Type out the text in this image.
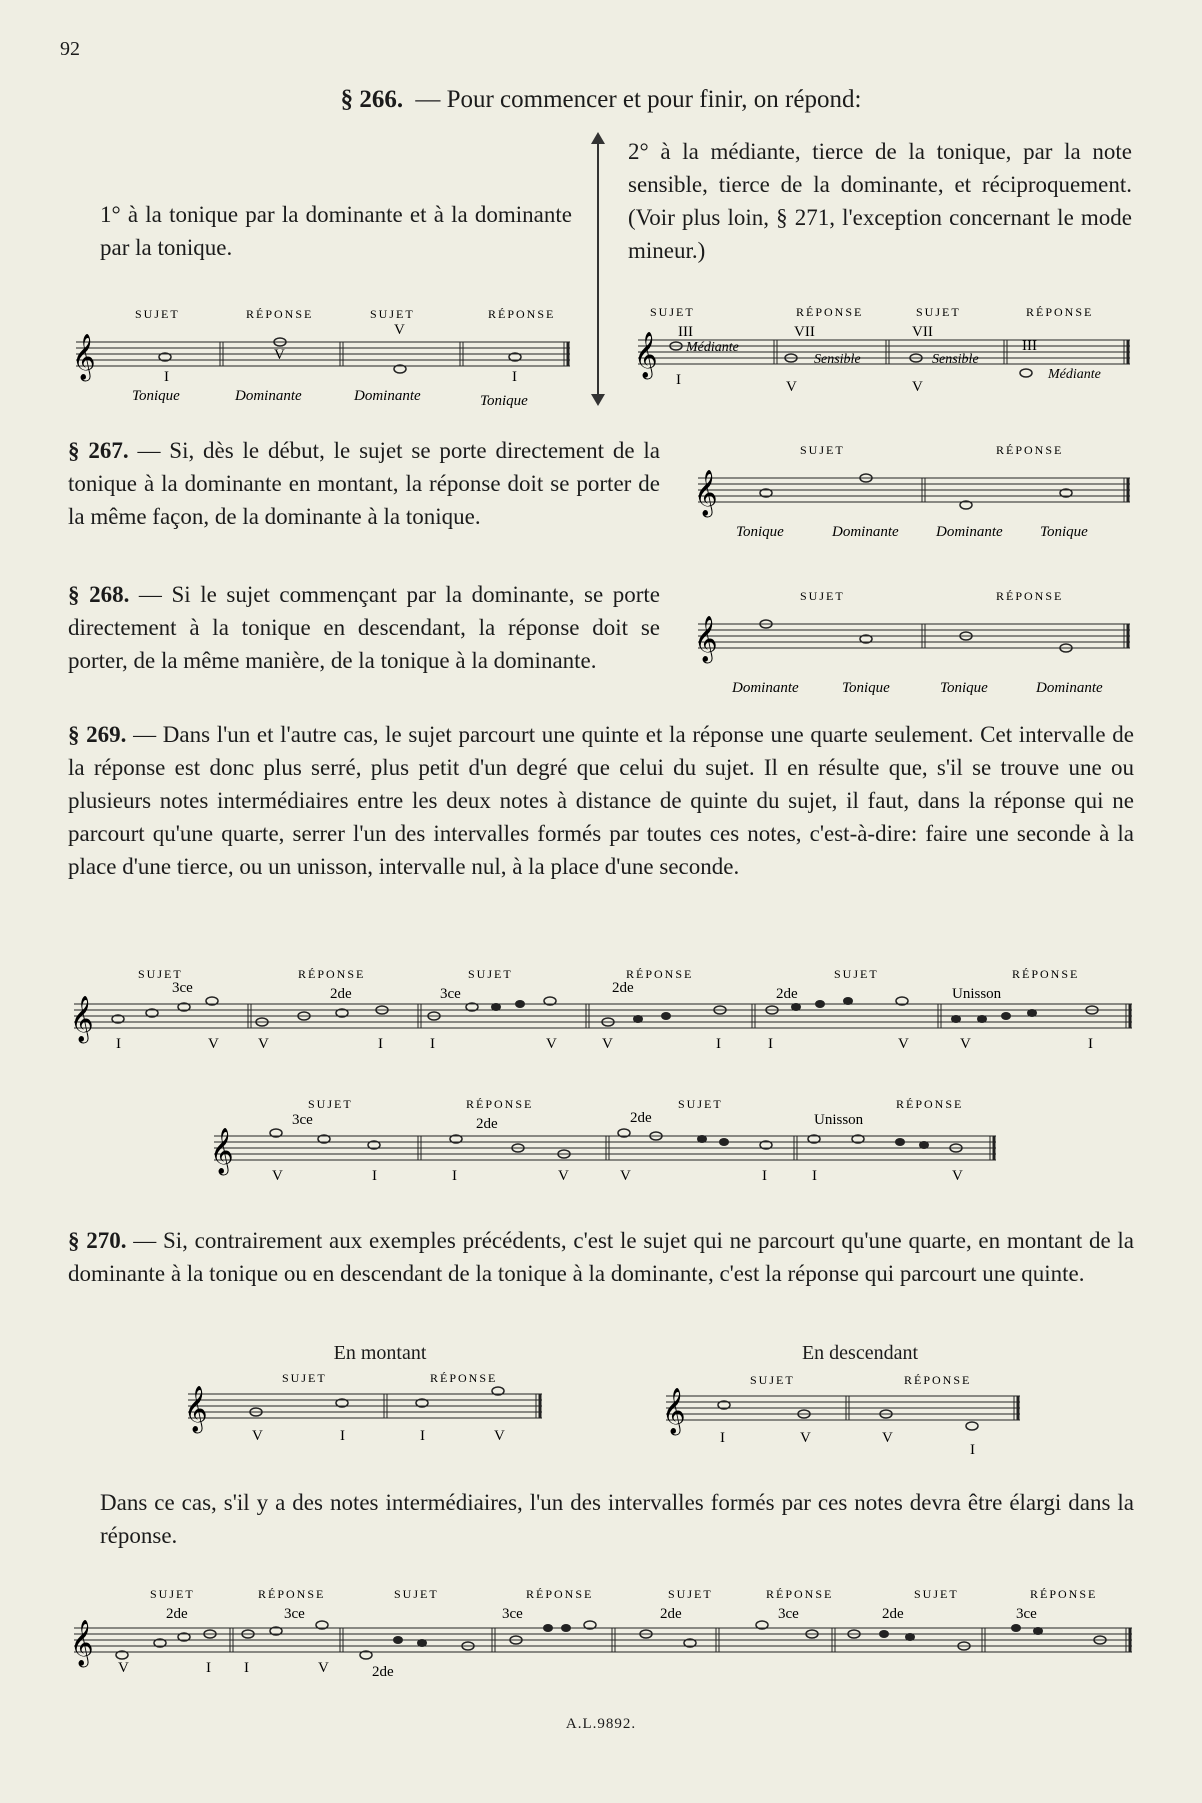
92
§ 266. — Pour commencer et pour finir, on répond:
1° à la tonique par la dominante et à la dominante par la tonique.
2° à la médiante, tierce de la tonique, par la note sensible, tierce de la dominante, et réciproquement. (Voir plus loin, § 271, l'exception concernant le mode mineur.)
§ 267. — Si, dès le début, le sujet se porte directement de la tonique à la dominante en montant, la réponse doit se porter de la même façon, de la dominante à la tonique.
§ 268. — Si le sujet commençant par la dominante, se porte directement à la tonique en descendant, la réponse doit se porter, de la même manière, de la tonique à la dominante.
§ 269. — Dans l'un et l'autre cas, le sujet parcourt une quinte et la réponse une quarte seulement. Cet intervalle de la réponse est donc plus serré, plus petit d'un degré que celui du sujet. Il en résulte que, s'il se trouve une ou plusieurs notes intermédiaires entre les deux notes à distance de quinte du sujet, il faut, dans la réponse qui ne parcourt qu'une quarte, serrer l'un des intervalles formés par toutes ces notes, c'est-à-dire: faire une seconde à la place d'une tierce, ou un unisson, intervalle nul, à la place d'une seconde.
§ 270. — Si, contrairement aux exemples précédents, c'est le sujet qui ne parcourt qu'une quarte, en montant de la dominante à la tonique ou en descendant de la tonique à la dominante, c'est la réponse qui parcourt une quinte.
Dans ce cas, s'il y a des notes intermédiaires, l'un des intervalles formés par ces notes devra être élargi dans la réponse.
En montant	En descendant
𝄞
SUJET	RÉPONSE	SUJET	RÉPONSE
I
V
V
I
Tonique	Dominante	Dominante	Tonique
𝄞
SUJET	RÉPONSE	SUJET	RÉPONSE
III	VII	VII
III
Médiante
Sensible	Sensible
Médiante
I	V	V
𝄞
SUJET	RÉPONSE
Tonique	Dominante Dominante Tonique
𝄞
SUJET	RÉPONSE
Dominante	Tonique	Tonique	Dominante
𝄞
SUJET	RÉPONSE	SUJET	RÉPONSE	SUJET	RÉPONSE
3ce	2de	3ce	2de	2de	Unisson
I	V	V	I	I	V	V	I	I	V	V	I
𝄞
SUJET	RÉPONSE	SUJET	RÉPONSE
3ce	2de	2de	Unisson
V	I	I	V	V	I	I	V
𝄞
SUJET	RÉPONSE
V	I	I	V
𝄞
SUJET	RÉPONSE
I	V	V
I
𝄞
SUJET	RÉPONSE	SUJET	RÉPONSE	SUJET	RÉPONSE	SUJET	RÉPONSE
2de	3ce	3ce	2de	3ce	2de	3ce
V	I I	V	2de
A.L.9892.
